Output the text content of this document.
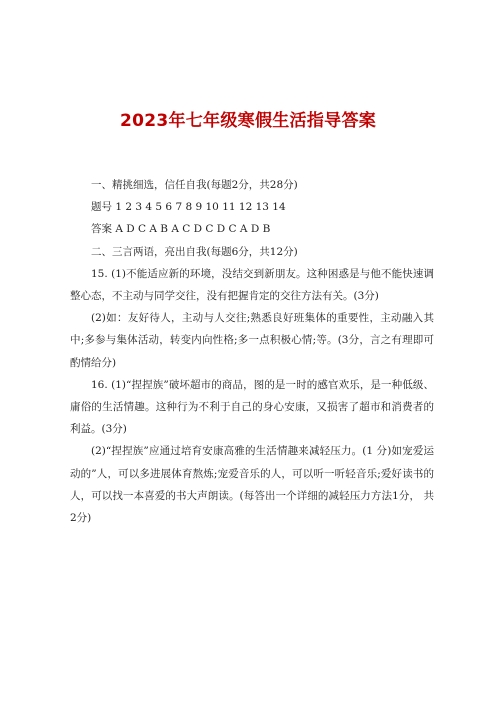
2023年七年级寒假生活指导答案

一、精挑细选，信任自我(每题2分，共28分)

题号 1 2 3 4 5 6 7 8 9 10 11 12 13 14

答案 A D C A B A C D C D C A D B

二、三言两语，亮出自我(每题6分，共12分)

15. (1)不能适应新的环境，没结交到新朋友。这种困惑是与他不能快速调整心态，不主动与同学交往，没有把握肯定的交往方法有关。(3分)

(2)如：友好待人，主动与人交往;熟悉良好班集体的重要性，主动融入其中;多参与集体活动，转变内向性格;多一点积极心情;等。(3分，言之有理即可酌情给分)

16. (1)“捏捏族”破坏超市的商品，图的是一时的感官欢乐，是一种低级、庸俗的生活情趣。这种行为不利于自己的身心安康，又损害了超市和消费者的利益。(3分)

(2)“捏捏族”应通过培育安康高雅的生活情趣来减轻压力。(1 分)如宠爱运动的”人，可以多进展体育熬炼;宠爱音乐的人，可以听一听轻音乐;爱好读书的人，可以找一本喜爱的书大声朗读。(每答出一个详细的减轻压力方法1分， 共2分)
